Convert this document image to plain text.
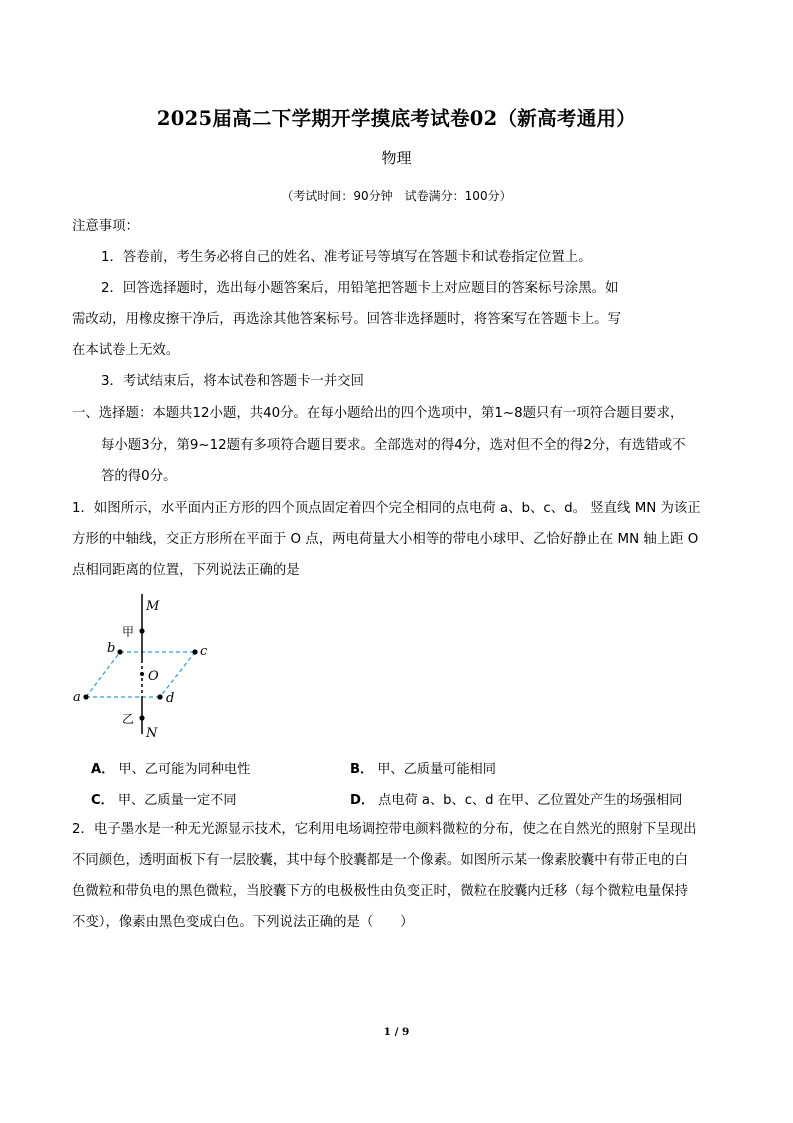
2025届高二下学期开学摸底考试卷02（新高考通用）
物理
（考试时间：90分钟　试卷满分：100分）
注意事项：
1．答卷前，考生务必将自己的姓名、准考证号等填写在答题卡和试卷指定位置上。
2．回答选择题时，选出每小题答案后，用铅笔把答题卡上对应题目的答案标号涂黑。如
需改动，用橡皮擦干净后，再选涂其他答案标号。回答非选择题时，将答案写在答题卡上。写
在本试卷上无效。
3．考试结束后，将本试卷和答题卡一并交回
一、选择题：本题共12小题，共40分。在每小题给出的四个选项中，第1~8题只有一项符合题目要求，
每小题3分，第9~12题有多项符合题目要求。全部选对的得4分，选对但不全的得2分，有选错或不
答的得0分。
1．如图所示，水平面内正方形的四个顶点固定着四个完全相同的点电荷 a、b、c、d。 竖直线 MN 为该正
方形的中轴线，交正方形所在平面于 O 点，两电荷量大小相等的带电小球甲、乙恰好静止在 MN 轴上距 O
点相同距离的位置，下列说法正确的是
M
N
O
a
b	c
d
甲
乙
A． 甲、乙可能为同种电性	B． 甲、乙质量可能相同
C． 甲、乙质量一定不同	D． 点电荷 a、b、c、d 在甲、乙位置处产生的场强相同
2．电子墨水是一种无光源显示技术，它利用电场调控带电颜料微粒的分布，使之在自然光的照射下呈现出
不同颜色，透明面板下有一层胶囊，其中每个胶囊都是一个像素。如图所示某一像素胶囊中有带正电的白
色微粒和带负电的黑色微粒，当胶囊下方的电极极性由负变正时，微粒在胶囊内迁移（每个微粒电量保持
不变），像素由黑色变成白色。下列说法正确的是（　　）
1 / 9
